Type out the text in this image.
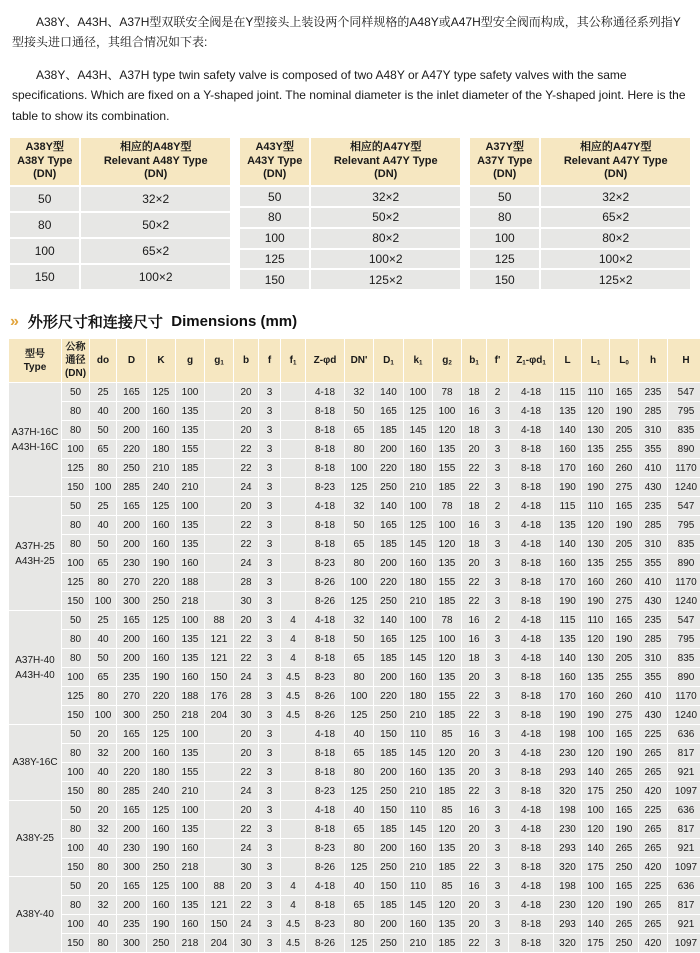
A38Y、A43H、A37H型双联安全阀是在Y型接头上装设两个同样规格的A48Y或A47H型安全阀而构成，其公称通径系列指Y型接头进口通径，其组合情况如下表:

A38Y、A43H、A37H type twin safety valve is composed of two A48Y or A47Y type safety valves with the same specifications. Which are fixed on a Y-shaped joint. The nominal diameter is the inlet diameter of the Y-shaped joint. Here is the table to show its combination.

A38Y型
A38Y Type
(DN)	相应的A48Y型
Relevant A48Y Type
(DN)
50	32×2
80	50×2
100	65×2
150	100×2
A43Y型
A43Y Type
(DN)	相应的A47Y型
Relevant A47Y Type
(DN)
50	32×2
80	50×2
100	80×2
125	100×2
150	125×2
A37Y型
A37Y Type
(DN)	相应的A47Y型
Relevant A47Y Type
(DN)
50	32×2
80	65×2
100	80×2
125	100×2
150	125×2
» 外形尺寸和连接尺寸
Dimensions (mm)
型号
Type	公称
通径
(DN)	do	D	K	g	$g_1$	b	f	$f_1$	Z-φd	DN'	$D_1$	$k_1$	$g_2$	$b_1$	f'	$Z_1-\varphi d_1$	L	$L_1$	$L_0$	h	H
A37H-16C
A43H-16C	50	25	165	125	100		20	3		4-18	32	140	100	78	18	2	4-18	115	110	165	235	547
	80	40	200	160	135		20	3		8-18	50	165	125	100	16	3	4-18	135	120	190	285	795
	80	50	200	160	135		20	3		8-18	65	185	145	120	18	3	4-18	140	130	205	310	835
	100	65	220	180	155		22	3		8-18	80	200	160	135	20	3	8-18	160	135	255	355	890
	125	80	250	210	185		22	3		8-18	100	220	180	155	22	3	8-18	170	160	260	410	1170
	150	100	285	240	210		24	3		8-23	125	250	210	185	22	3	8-18	190	190	275	430	1240
A37H-25
A43H-25	50	25	165	125	100		20	3		4-18	32	140	100	78	18	2	4-18	115	110	165	235	547
	80	40	200	160	135		22	3		8-18	50	165	125	100	16	3	4-18	135	120	190	285	795
	80	50	200	160	135		22	3		8-18	65	185	145	120	18	3	4-18	140	130	205	310	835
	100	65	230	190	160		24	3		8-23	80	200	160	135	20	3	8-18	160	135	255	355	890
	125	80	270	220	188		28	3		8-26	100	220	180	155	22	3	8-18	170	160	260	410	1170
	150	100	300	250	218		30	3		8-26	125	250	210	185	22	3	8-18	190	190	275	430	1240
A37H-40
A43H-40	50	25	165	125	100	88	20	3	4	4-18	32	140	100	78	16	2	4-18	115	110	165	235	547
	80	40	200	160	135	121	22	3	4	8-18	50	165	125	100	16	3	4-18	135	120	190	285	795
	80	50	200	160	135	121	22	3	4	8-18	65	185	145	120	18	3	4-18	140	130	205	310	835
	100	65	235	190	160	150	24	3	4.5	8-23	80	200	160	135	20	3	8-18	160	135	255	355	890
	125	80	270	220	188	176	28	3	4.5	8-26	100	220	180	155	22	3	8-18	170	160	260	410	1170
	150	100	300	250	218	204	30	3	4.5	8-26	125	250	210	185	22	3	8-18	190	190	275	430	1240
A38Y-16C	50	20	165	125	100		20	3		4-18	40	150	110	85	16	3	4-18	198	100	165	225	636
	80	32	200	160	135		20	3		8-18	65	185	145	120	20	3	4-18	230	120	190	265	817
	100	40	220	180	155		22	3		8-18	80	200	160	135	20	3	8-18	293	140	265	265	921
	150	80	285	240	210		24	3		8-23	125	250	210	185	22	3	8-18	320	175	250	420	1097
A38Y-25	50	20	165	125	100		20	3		4-18	40	150	110	85	16	3	4-18	198	100	165	225	636
	80	32	200	160	135		22	3		8-18	65	185	145	120	20	3	4-18	230	120	190	265	817
	100	40	230	190	160		24	3		8-23	80	200	160	135	20	3	8-18	293	140	265	265	921
	150	80	300	250	218		30	3		8-26	125	250	210	185	22	3	8-18	320	175	250	420	1097
A38Y-40	50	20	165	125	100	88	20	3	4	4-18	40	150	110	85	16	3	4-18	198	100	165	225	636
	80	32	200	160	135	121	22	3	4	8-18	65	185	145	120	20	3	4-18	230	120	190	265	817
	100	40	235	190	160	150	24	3	4.5	8-23	80	200	160	135	20	3	8-18	293	140	265	265	921
	150	80	300	250	218	204	30	3	4.5	8-26	125	250	210	185	22	3	8-18	320	175	250	420	1097
